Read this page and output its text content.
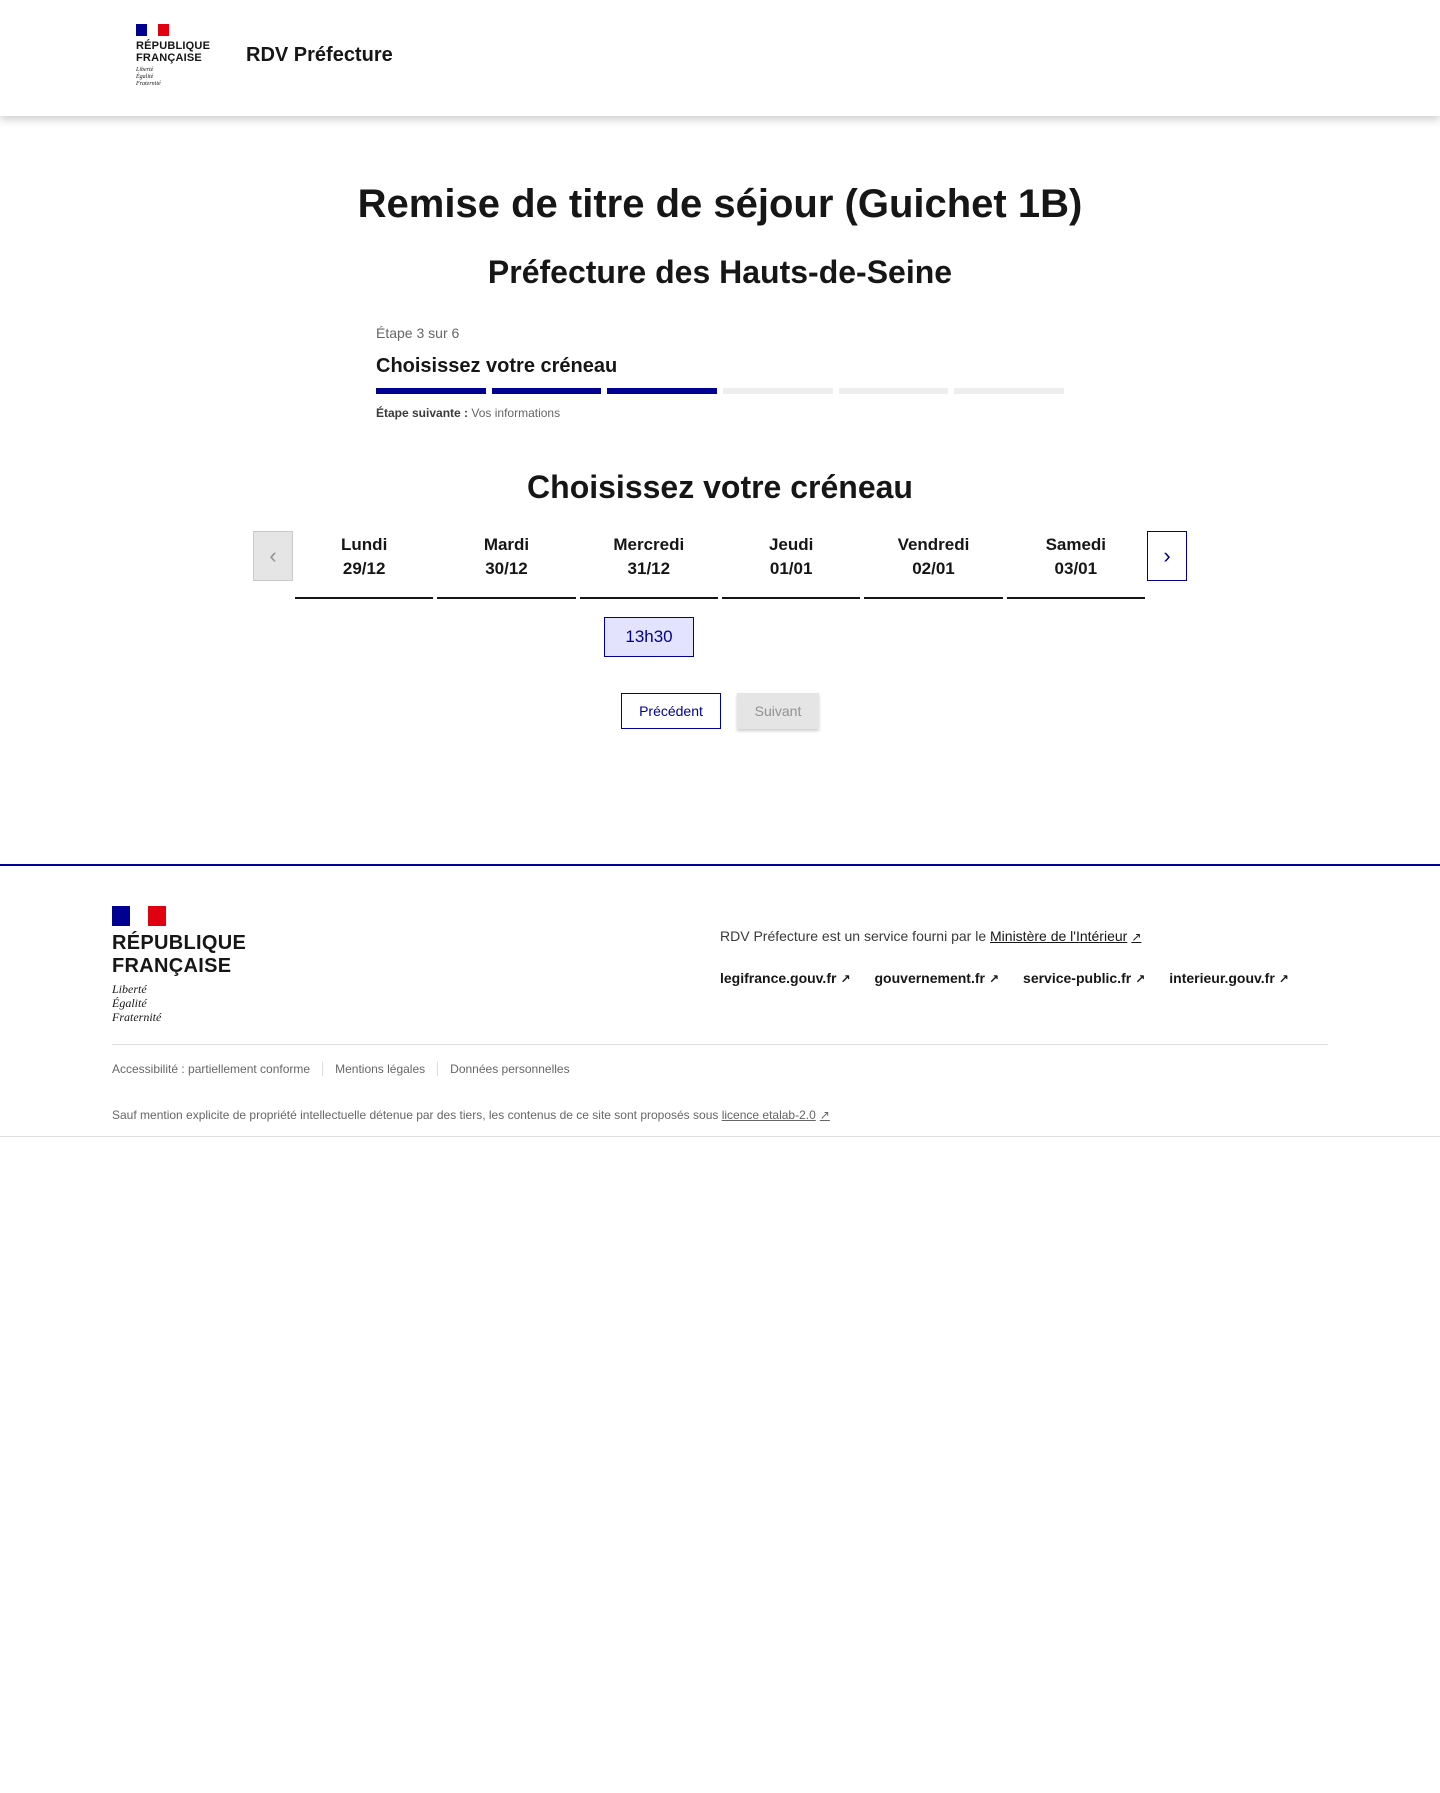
RÉPUBLIQUE
FRANÇAISE
Liberté
Égalité
Fraternité
RDV Préfecture
Remise de titre de séjour (Guichet 1B)
Préfecture des Hauts-de-Seine
Étape 3 sur 6
Choisissez votre créneau
Étape suivante : Vos informations
Choisissez votre créneau
‹	Lundi
29/12
Mardi
30/12
Mercredi
31/12
Jeudi
01/01
Vendredi
02/01
Samedi
03/01
›
13h30
Précédent	Suivant
RÉPUBLIQUE
FRANÇAISE
Liberté
Égalité
Fraternité
RDV Préfecture est un service fourni par le Ministère de l'Intérieur ↗
legifrance.gouv.fr ↗ gouvernement.fr ↗ service-public.fr ↗ interieur.gouv.fr ↗
Accessibilité : partiellement conforme	Mentions légales	Données personnelles
Sauf mention explicite de propriété intellectuelle détenue par des tiers, les contenus de ce site sont proposés sous licence etalab-2.0 ↗
